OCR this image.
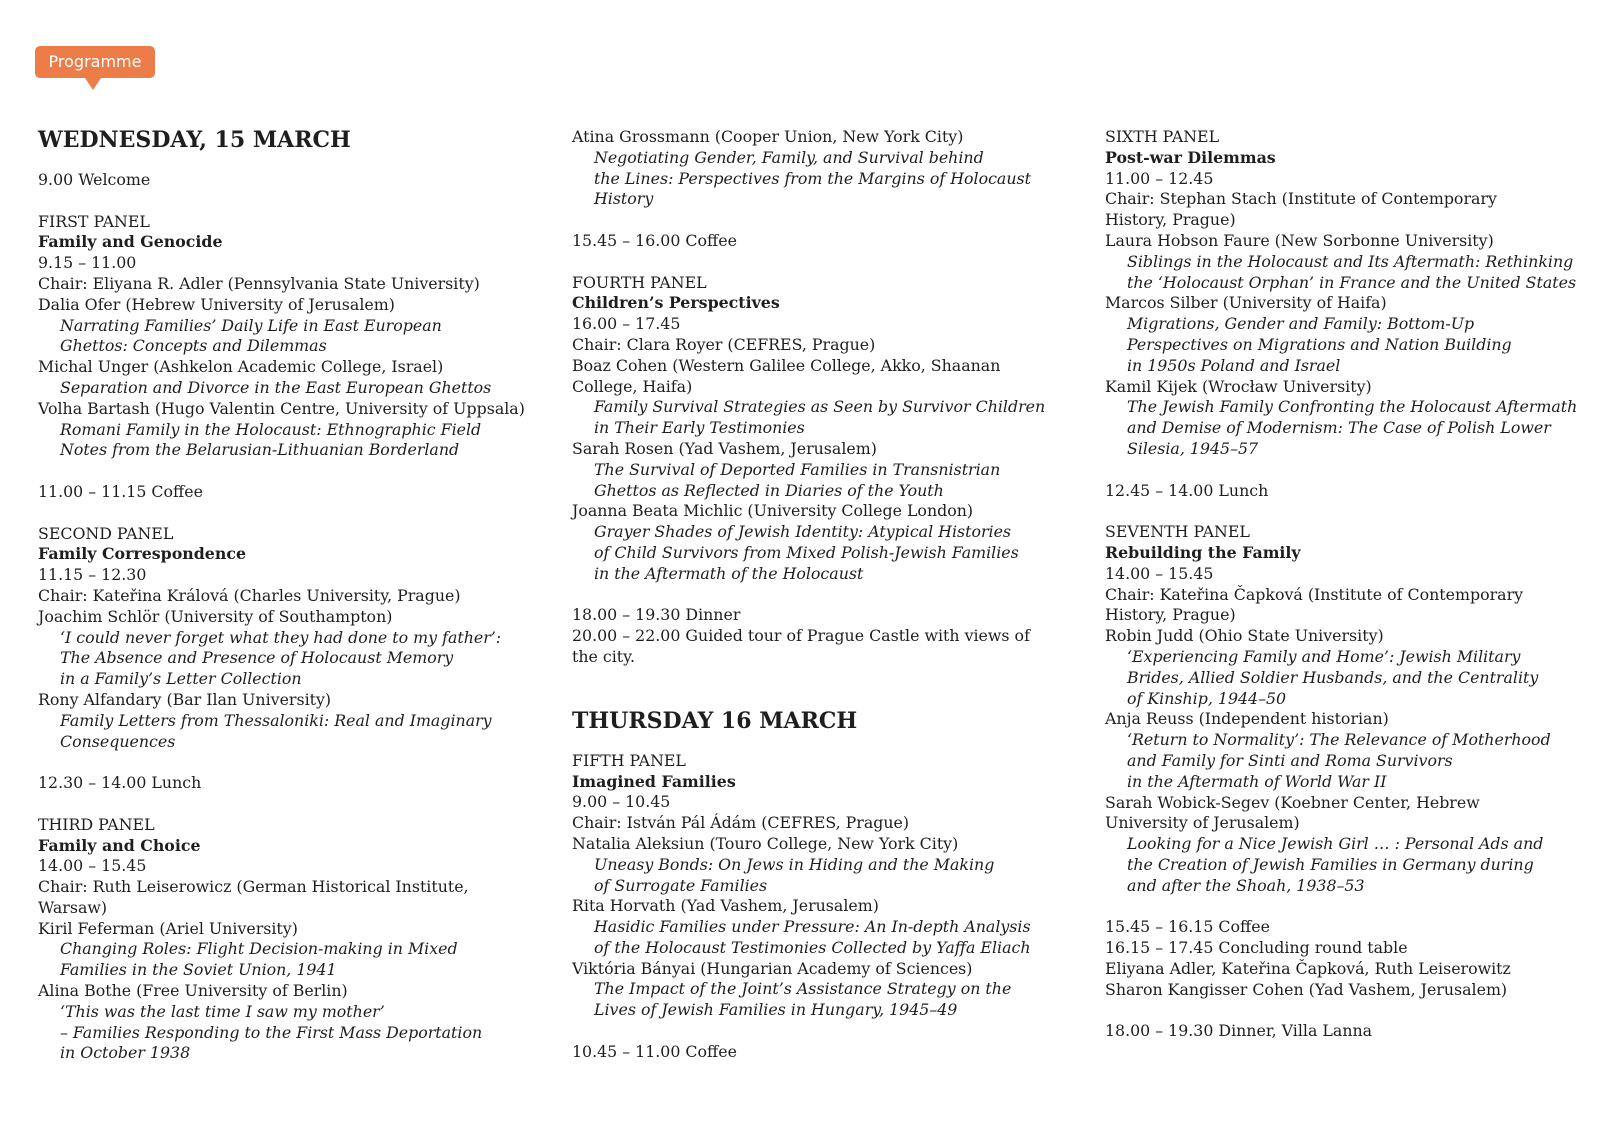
Programme
WEDNESDAY, 15 MARCH
9.00 Welcome
FIRST PANEL
Family and Genocide
9.15 – 11.00
Chair: Eliyana R. Adler (Pennsylvania State University)
Dalia Ofer (Hebrew University of Jerusalem)
Narrating Families’ Daily Life in East European
Ghettos: Concepts and Dilemmas
Michal Unger (Ashkelon Academic College, Israel)
Separation and Divorce in the East European Ghettos
Volha Bartash (Hugo Valentin Centre, University of Uppsala)
Romani Family in the Holocaust: Ethnographic Field
Notes from the Belarusian-Lithuanian Borderland
11.00 – 11.15 Coffee
SECOND PANEL
Family Correspondence
11.15 – 12.30
Chair: Kateřina Králová (Charles University, Prague)
Joachim Schlör (University of Southampton)
‘I could never forget what they had done to my father’:
The Absence and Presence of Holocaust Memory
in a Family’s Letter Collection
Rony Alfandary (Bar Ilan University)
Family Letters from Thessaloniki: Real and Imaginary
Consequences
12.30 – 14.00 Lunch
THIRD PANEL
Family and Choice
14.00 – 15.45
Chair: Ruth Leiserowicz (German Historical Institute,
Warsaw)
Kiril Feferman (Ariel University)
Changing Roles: Flight Decision-making in Mixed
Families in the Soviet Union, 1941
Alina Bothe (Free University of Berlin)
‘This was the last time I saw my mother’
– Families Responding to the First Mass Deportation
in October 1938
Atina Grossmann (Cooper Union, New York City)
Negotiating Gender, Family, and Survival behind
the Lines: Perspectives from the Margins of Holocaust
History
15.45 – 16.00 Coffee
FOURTH PANEL
Children’s Perspectives
16.00 – 17.45
Chair: Clara Royer (CEFRES, Prague)
Boaz Cohen (Western Galilee College, Akko, Shaanan
College, Haifa)
Family Survival Strategies as Seen by Survivor Children
in Their Early Testimonies
Sarah Rosen (Yad Vashem, Jerusalem)
The Survival of Deported Families in Transnistrian
Ghettos as Reflected in Diaries of the Youth
Joanna Beata Michlic (University College London)
Grayer Shades of Jewish Identity: Atypical Histories
of Child Survivors from Mixed Polish-Jewish Families
in the Aftermath of the Holocaust
18.00 – 19.30 Dinner
20.00 – 22.00 Guided tour of Prague Castle with views of
the city.
THURSDAY 16 MARCH
FIFTH PANEL
Imagined Families
9.00 – 10.45
Chair: István Pál Ádám (CEFRES, Prague)
Natalia Aleksiun (Touro College, New York City)
Uneasy Bonds: On Jews in Hiding and the Making
of Surrogate Families
Rita Horvath (Yad Vashem, Jerusalem)
Hasidic Families under Pressure: An In-depth Analysis
of the Holocaust Testimonies Collected by Yaffa Eliach
Viktória Bányai (Hungarian Academy of Sciences)
The Impact of the Joint’s Assistance Strategy on the
Lives of Jewish Families in Hungary, 1945–49
10.45 – 11.00 Coffee
SIXTH PANEL
Post-war Dilemmas
11.00 – 12.45
Chair: Stephan Stach (Institute of Contemporary
History, Prague)
Laura Hobson Faure (New Sorbonne University)
Siblings in the Holocaust and Its Aftermath: Rethinking
the ‘Holocaust Orphan’ in France and the United States
Marcos Silber (University of Haifa)
Migrations, Gender and Family: Bottom-Up
Perspectives on Migrations and Nation Building
in 1950s Poland and Israel
Kamil Kijek (Wrocław University)
The Jewish Family Confronting the Holocaust Aftermath
and Demise of Modernism: The Case of Polish Lower
Silesia, 1945–57
12.45 – 14.00 Lunch
SEVENTH PANEL
Rebuilding the Family
14.00 – 15.45
Chair: Kateřina Čapková (Institute of Contemporary
History, Prague)
Robin Judd (Ohio State University)
‘Experiencing Family and Home’: Jewish Military
Brides, Allied Soldier Husbands, and the Centrality
of Kinship, 1944–50
Anja Reuss (Independent historian)
‘Return to Normality’: The Relevance of Motherhood
and Family for Sinti and Roma Survivors
in the Aftermath of World War II
Sarah Wobick-Segev (Koebner Center, Hebrew
University of Jerusalem)
Looking for a Nice Jewish Girl … : Personal Ads and
the Creation of Jewish Families in Germany during
and after the Shoah, 1938–53
15.45 – 16.15 Coffee
16.15 – 17.45 Concluding round table
Eliyana Adler, Kateřina Čapková, Ruth Leiserowitz
Sharon Kangisser Cohen (Yad Vashem, Jerusalem)
18.00 – 19.30 Dinner, Villa Lanna
